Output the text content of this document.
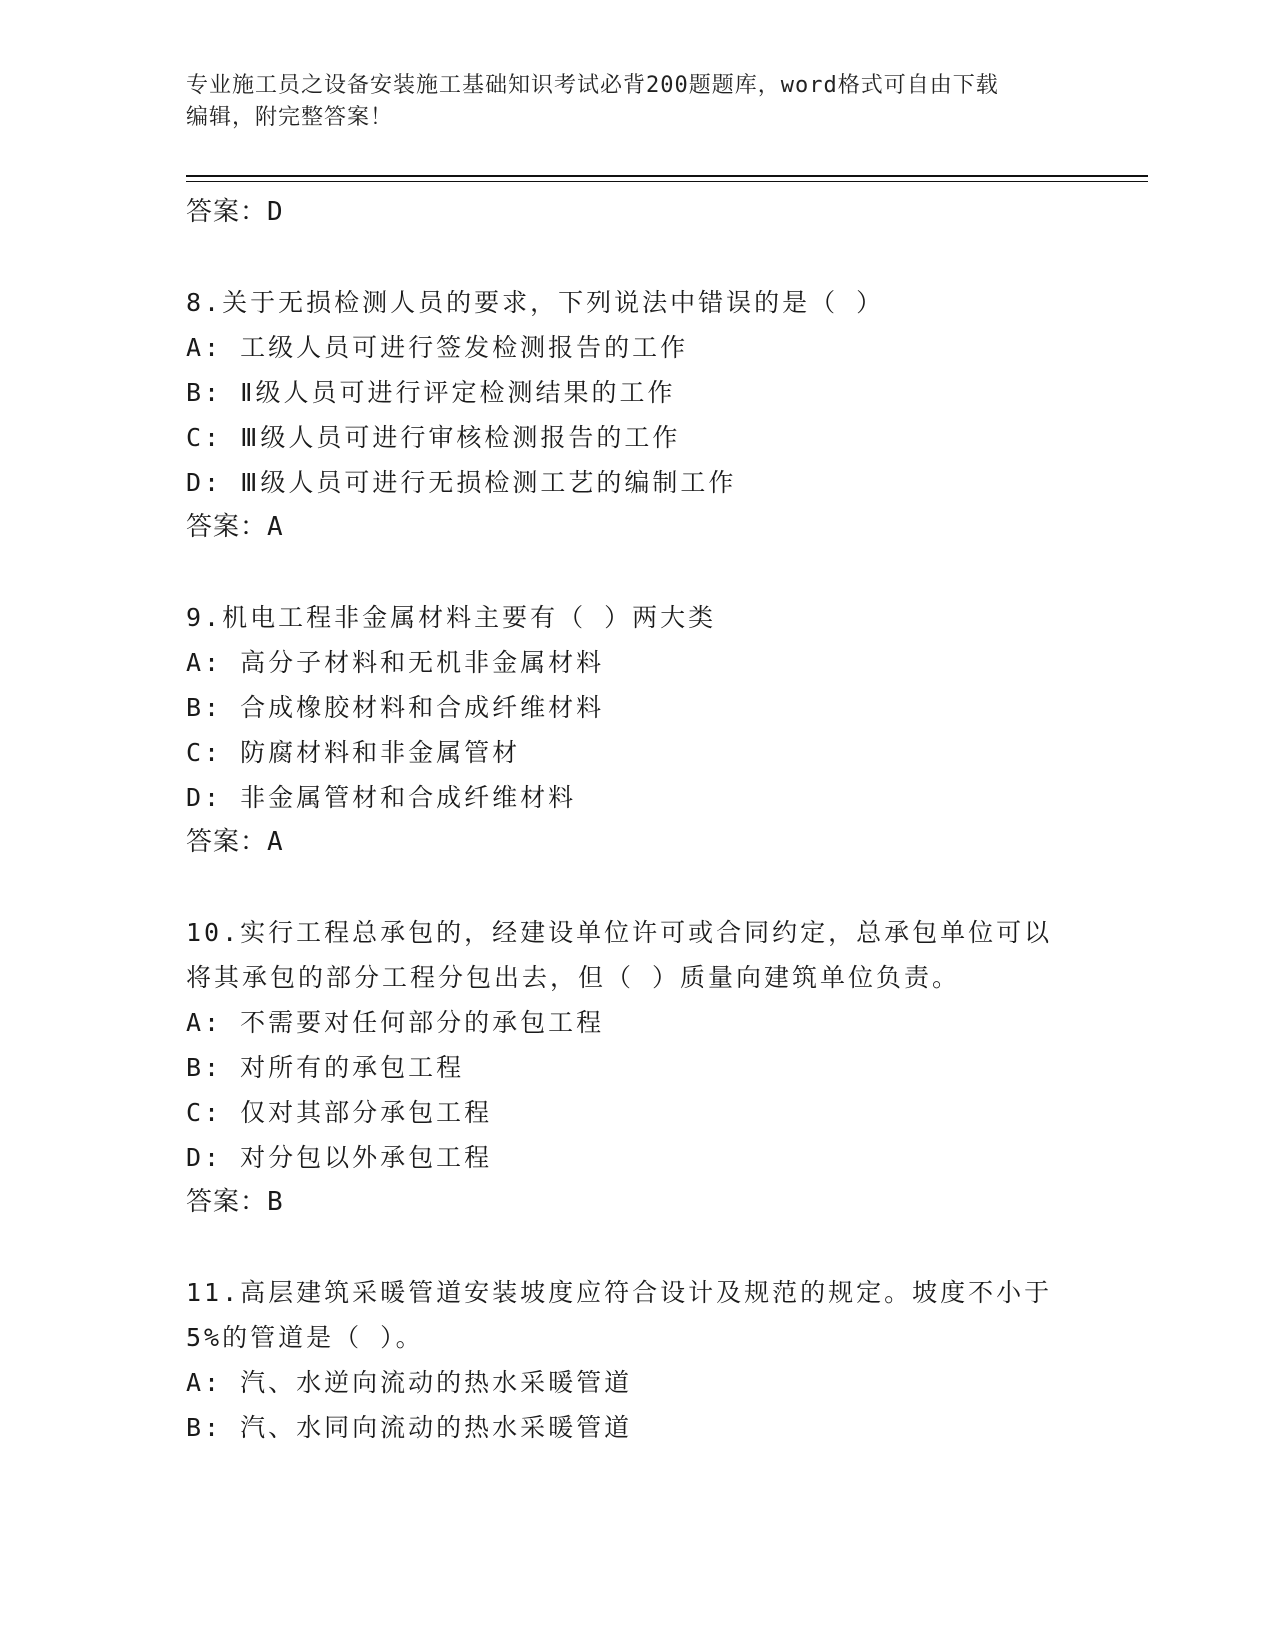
专业施工员之设备安装施工基础知识考试必背200题题库，word格式可自由下载
编辑，附完整答案！

答案：D

8.关于无损检测人员的要求，下列说法中错误的是（ ）

A: 工级人员可进行签发检测报告的工作

B: Ⅱ级人员可进行评定检测结果的工作

C: Ⅲ级人员可进行审核检测报告的工作

D: Ⅲ级人员可进行无损检测工艺的编制工作

答案：A

9.机电工程非金属材料主要有（ ）两大类

A: 高分子材料和无机非金属材料

B: 合成橡胶材料和合成纤维材料

C: 防腐材料和非金属管材

D: 非金属管材和合成纤维材料

答案：A

10.实行工程总承包的，经建设单位许可或合同约定，总承包单位可以

将其承包的部分工程分包出去，但（ ）质量向建筑单位负责。

A: 不需要对任何部分的承包工程

B: 对所有的承包工程

C: 仅对其部分承包工程

D: 对分包以外承包工程

答案：B

11.高层建筑采暖管道安装坡度应符合设计及规范的规定。坡度不小于

5%的管道是（ ）。

A: 汽、水逆向流动的热水采暖管道

B: 汽、水同向流动的热水采暖管道
